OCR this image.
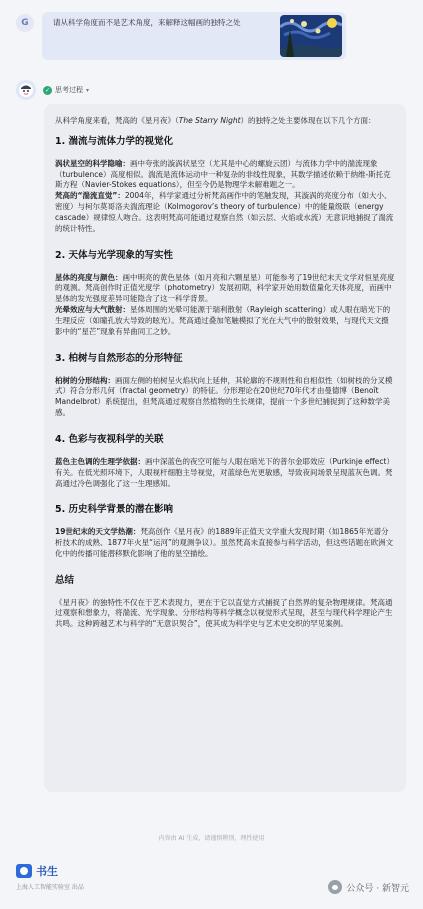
G	请从科学角度而不是艺术角度，来解释这幅画的独特之处
✓ 思考过程 ▾

从科学角度来看，梵高的《星月夜》（The Starry Night）的独特之处主要体现在以下几个方面：

1. 湍流与流体力学的视觉化

涡状星空的科学隐喻：画中夸张的漩涡状星空（尤其是中心的螺旋云团）与流体力学中的湍流现象（turbulence）高度相似。湍流是流体运动中一种复杂的非线性现象，其数学描述依赖于纳维-斯托克斯方程（Navier-Stokes equations），但至今仍是物理学未解难题之一。

梵高的“湍流直觉”：2004年，科学家通过分析梵高画作中的笔触发现，其漩涡的亮度分布（如大小、密度）与柯尔莫哥洛夫湍流理论（Kolmogorov’s theory of turbulence）中的能量级联（energy cascade）规律惊人吻合。这表明梵高可能通过观察自然（如云层、火焰或水流）无意识地捕捉了湍流的统计特性。

2. 天体与光学现象的写实性

星体的亮度与颜色：画中明亮的黄色星体（如月亮和六颗星星）可能参考了19世纪末天文学对恒星亮度的观测。梵高创作时正值光度学（photometry）发展初期，科学家开始用数值量化天体亮度，而画中星体的发光强度差异可能隐含了这一科学背景。

光晕效应与大气散射：星体周围的光晕可能源于瑞利散射（Rayleigh scattering）或人眼在暗光下的生理反应（如瞳孔放大导致的眩光）。梵高通过叠加笔触模拟了光在大气中的散射效果，与现代天文摄影中的“星芒”现象有异曲同工之妙。

3. 柏树与自然形态的分形特征

柏树的分形结构：画面左侧的柏树呈火焰状向上延伸，其轮廓的不规则性和自相似性（如树枝的分叉模式）符合分形几何（fractal geometry）的特征。分形理论在20世纪70年代才由曼德博（Benoît Mandelbrot）系统提出，但梵高通过观察自然植物的生长规律，提前一个多世纪捕捉到了这种数学美感。

4. 色彩与夜视科学的关联

蓝色主色调的生理学依据：画中深蓝色的夜空可能与人眼在暗光下的普尔金耶效应（Purkinje effect）有关。在低光照环境下，人眼视杆细胞主导视觉，对蓝绿色光更敏感，导致夜间场景呈现蓝灰色调。梵高通过冷色调强化了这一生理感知。

5. 历史科学背景的潜在影响

19世纪末的天文学热潮：梵高创作《星月夜》的1889年正值天文学重大发现时期（如1865年光谱分析技术的成熟、1877年火星“运河”的观测争议）。虽然梵高未直接参与科学活动，但这些话题在欧洲文化中的传播可能潜移默化影响了他的星空描绘。

总结

《星月夜》的独特性不仅在于艺术表现力，更在于它以直觉方式捕捉了自然界的复杂物理规律。梵高通过观察和想象力，将湍流、光学现象、分形结构等科学概念以视觉形式呈现，甚至与现代科学理论产生共鸣。这种跨越艺术与科学的“无意识契合”，使其成为科学史与艺术史交织的罕见案例。

内容由 AI 生成，请谨慎辨别，理性使用
书生
上海人工智能实验室 出品	公众号 · 新智元
